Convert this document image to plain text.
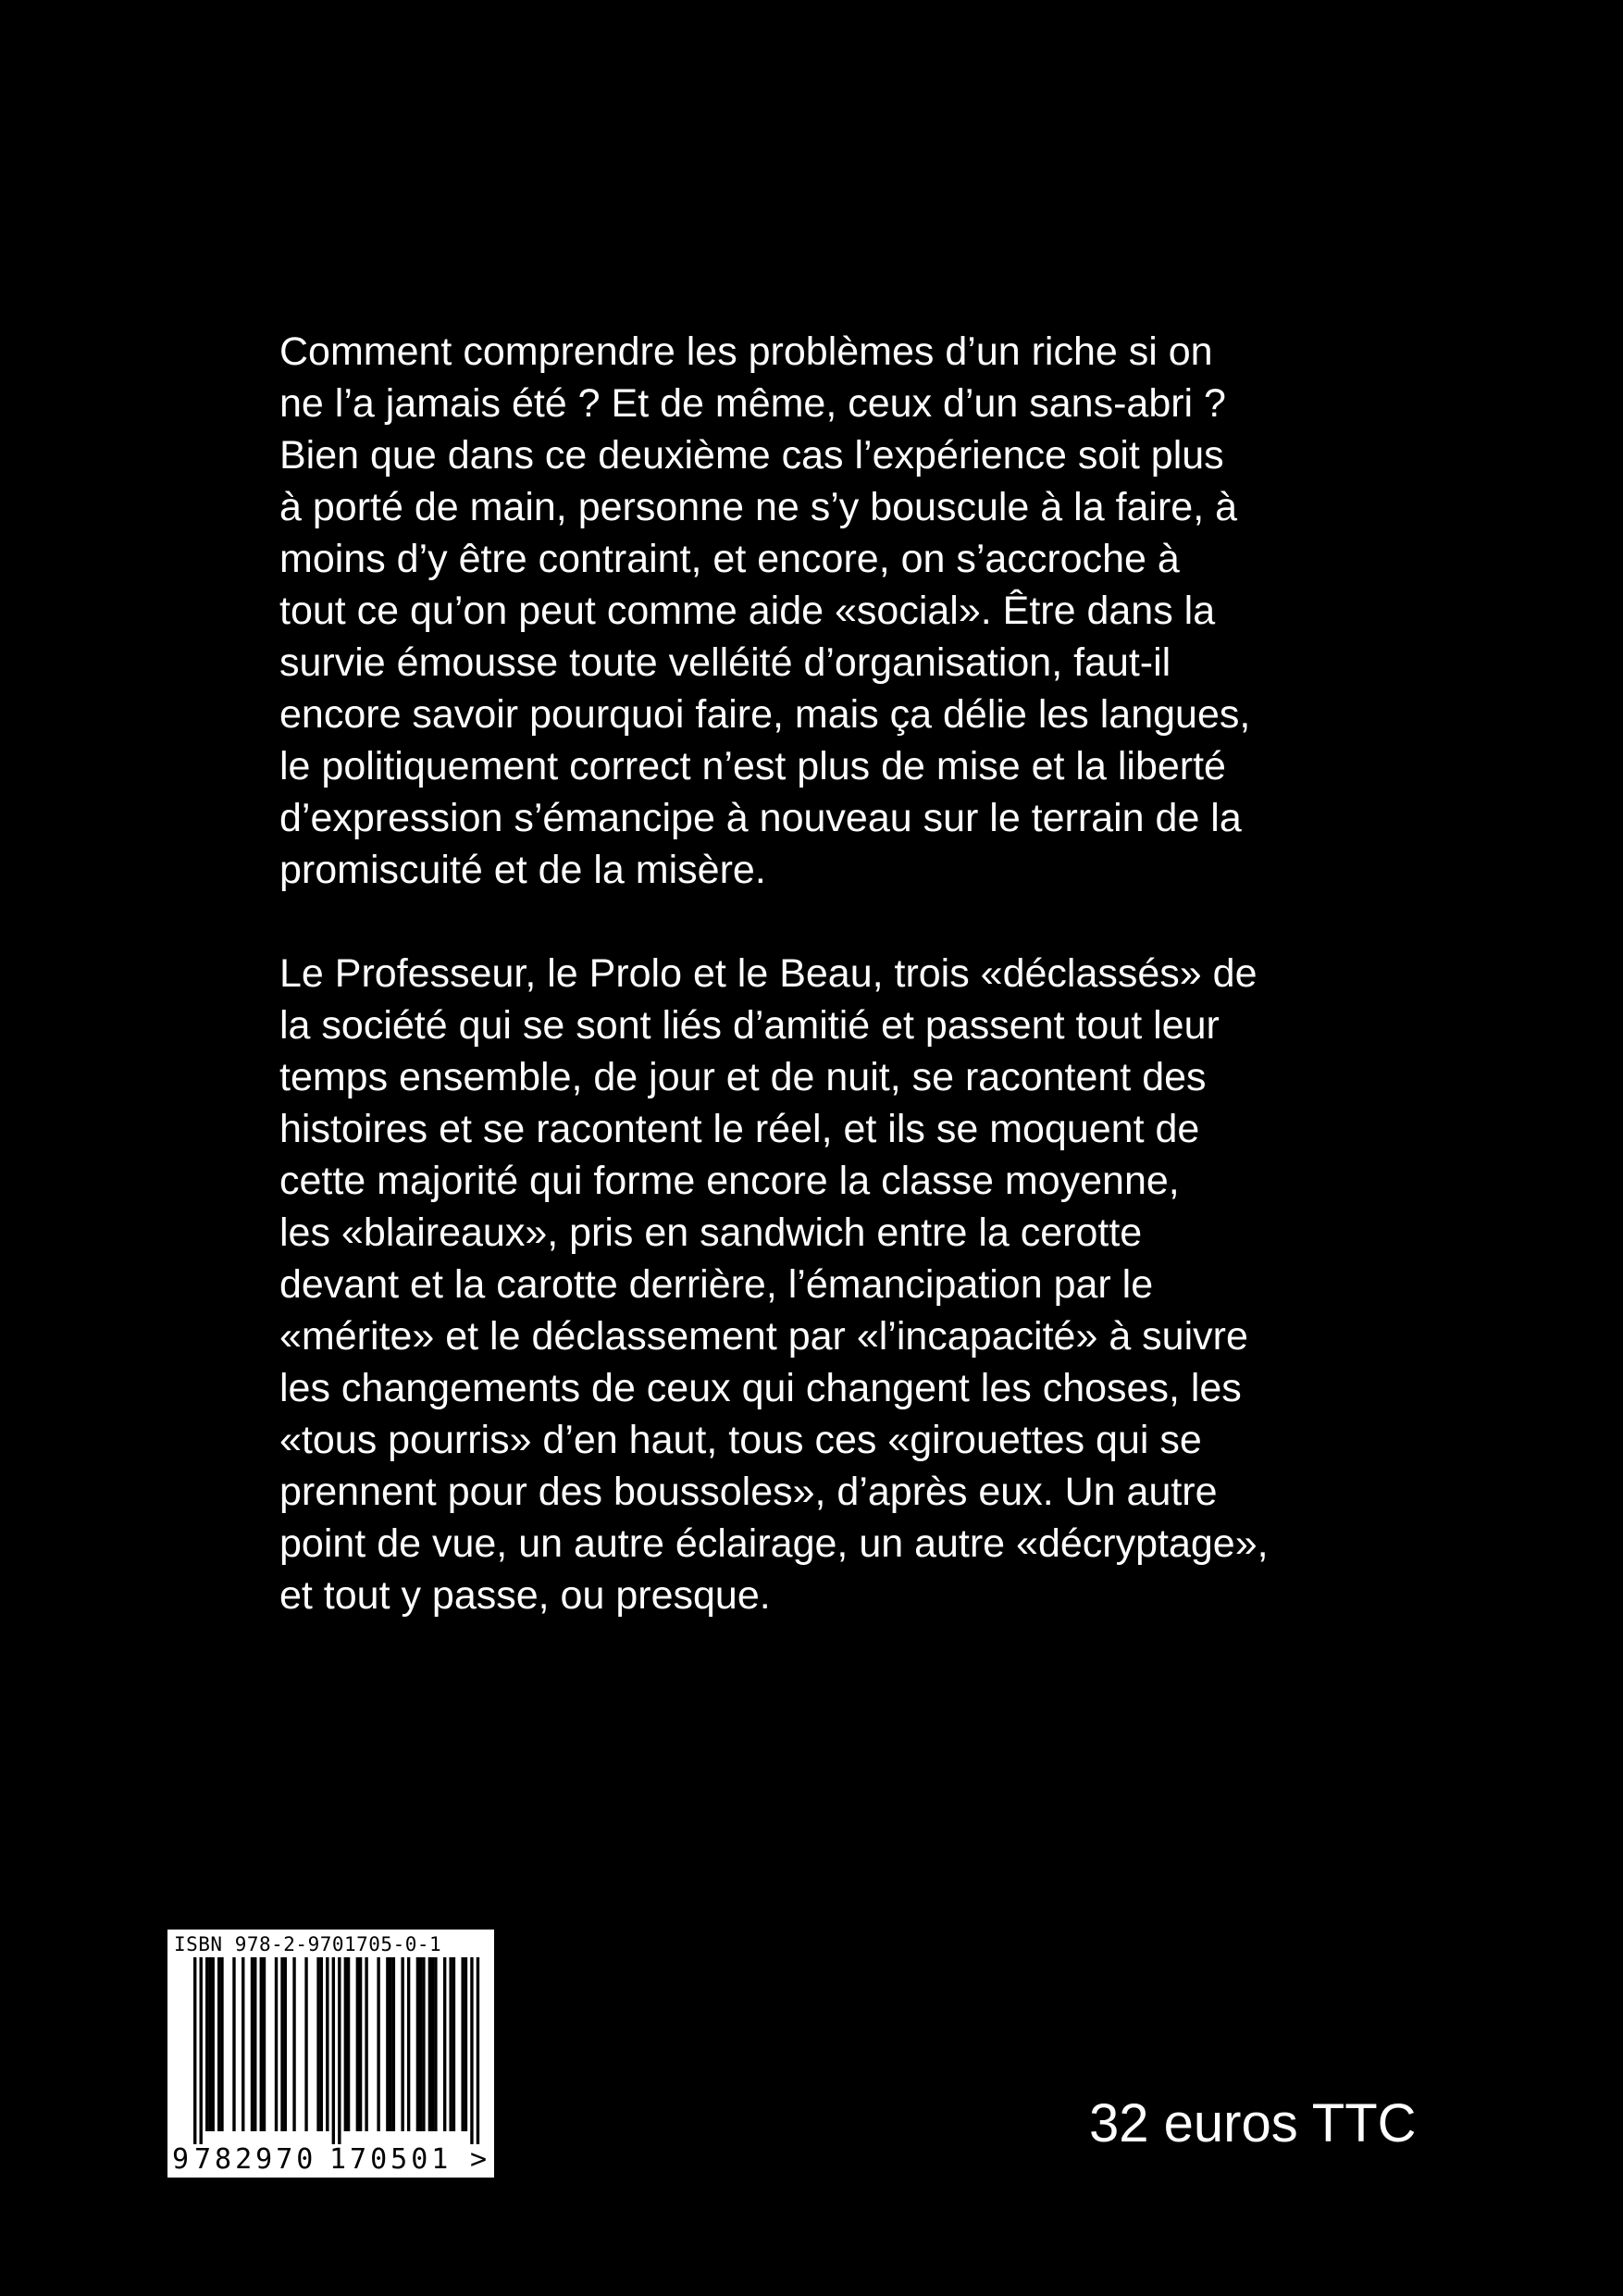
Comment comprendre les problèmes d’un riche si on
ne l’a jamais été ? Et de même, ceux d’un sans-abri ?
Bien que dans ce deuxième cas l’expérience soit plus
à porté de main, personne ne s’y bouscule à la faire, à
moins d’y être contraint, et encore, on s’accroche à
tout ce qu’on peut comme aide «social». Être dans la
survie émousse toute velléité d’organisation, faut-il
encore savoir pourquoi faire, mais ça délie les langues,
le politiquement correct n’est plus de mise et la liberté
d’expression s’émancipe à nouveau sur le terrain de la
promiscuité et de la misère.

Le Professeur, le Prolo et le Beau, trois «déclassés» de
la société qui se sont liés d’amitié et passent tout leur
temps ensemble, de jour et de nuit, se racontent des
histoires et se racontent le réel, et ils se moquent de
cette majorité qui forme encore la classe moyenne,
les «blaireaux», pris en sandwich entre la cerotte
devant et la carotte derrière, l’émancipation par le
«mérite» et le déclassement par «l’incapacité» à suivre
les changements de ceux qui changent les choses, les
«tous pourris» d’en haut, tous ces «girouettes qui se
prennent pour des boussoles», d’après eux. Un autre
point de vue, un autre éclairage, un autre «décryptage»,
et tout y passe, ou presque.

ISBN 978-2-9701705-0-1
9 782970 170501 >
32 euros TTC
